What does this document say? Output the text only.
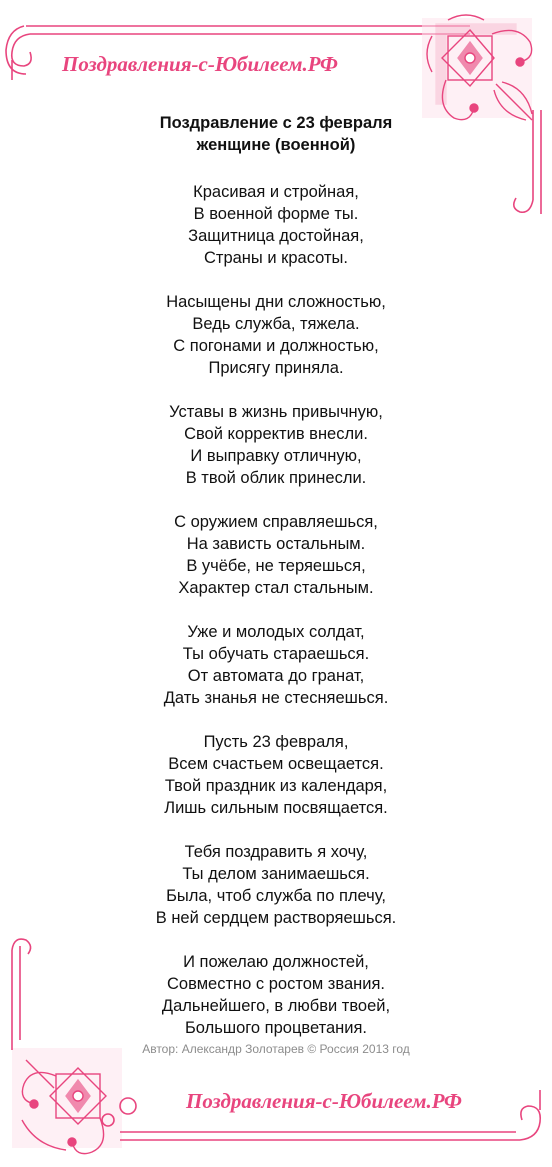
Поздравления-с-Юбилеем.РФ
Поздравление с 23 февраля
женщине (военной)
Красивая и стройная,
В военной форме ты.
Защитница достойная,
Страны и красоты.
Насыщены дни сложностью,
Ведь служба, тяжела.
С погонами и должностью,
Присягу приняла.
Уставы в жизнь привычную,
Свой корректив внесли.
И выправку отличную,
В твой облик принесли.
С оружием справляешься,
На зависть остальным.
В учёбе, не теряешься,
Характер стал стальным.
Уже и молодых солдат,
Ты обучать стараешься.
От автомата до гранат,
Дать знанья не стесняешься.
Пусть 23 февраля,
Всем счастьем освещается.
Твой праздник из календаря,
Лишь сильным посвящается.
Тебя поздравить я хочу,
Ты делом занимаешься.
Была, чтоб служба по плечу,
В ней сердцем растворяешься.
И пожелаю должностей,
Совместно с ростом звания.
Дальнейшего, в любви твоей,
Большого процветания.
Автор: Александр Золотарев © Россия 2013 год
Поздравления-с-Юбилеем.РФ
